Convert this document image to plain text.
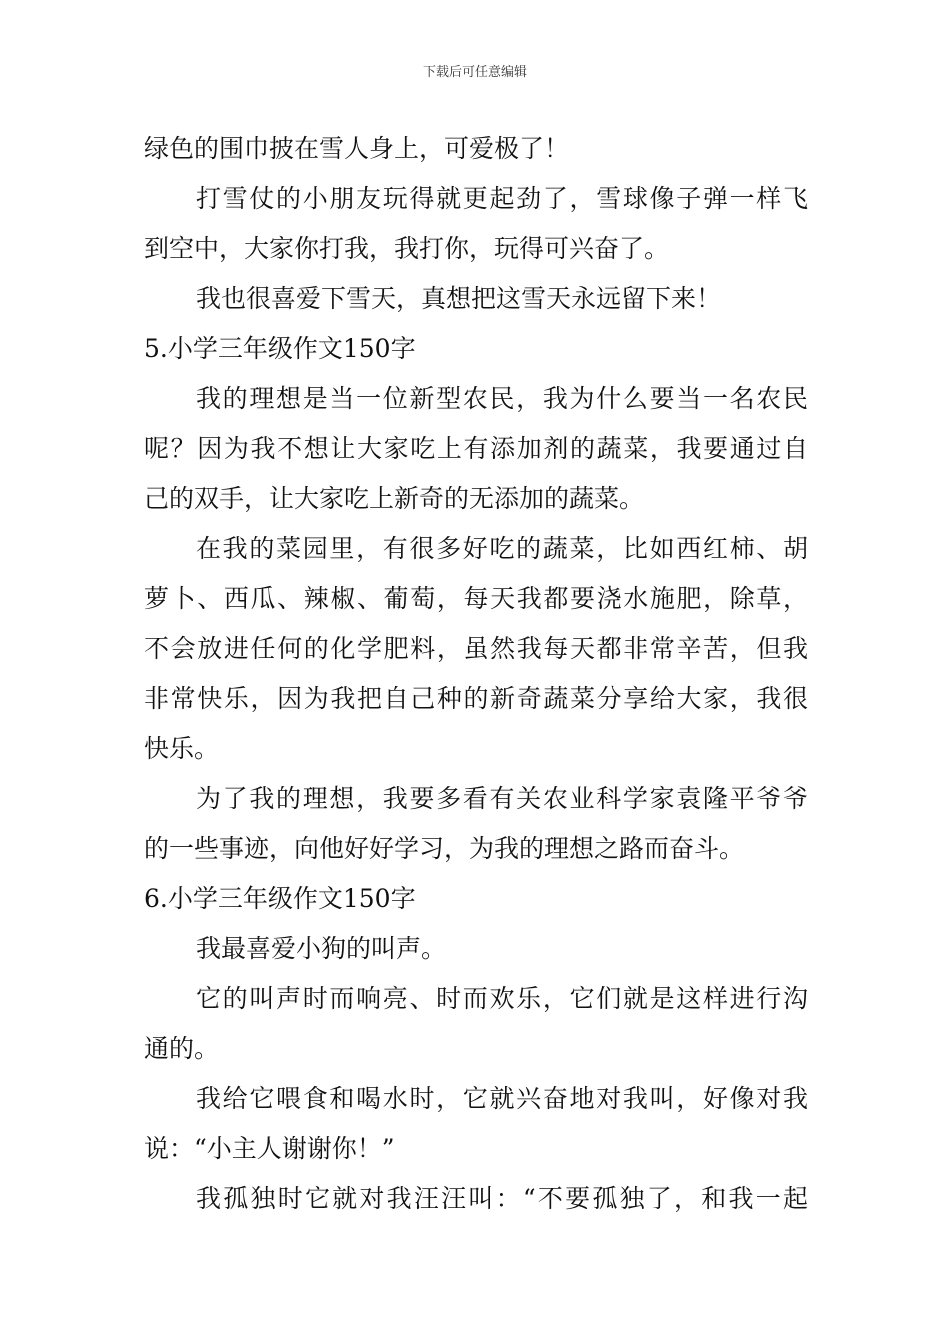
下载后可任意编辑
绿色的围巾披在雪人身上，可爱极了！
打雪仗的小朋友玩得就更起劲了，雪球像子弹一样飞
到空中，大家你打我，我打你，玩得可兴奋了。
我也很喜爱下雪天，真想把这雪天永远留下来！
5.小学三年级作文150字
我的理想是当一位新型农民，我为什么要当一名农民
呢？因为我不想让大家吃上有添加剂的蔬菜，我要通过自
己的双手，让大家吃上新奇的无添加的蔬菜。
在我的菜园里，有很多好吃的蔬菜，比如西红柿、胡
萝卜、西瓜、辣椒、葡萄，每天我都要浇水施肥，除草，
不会放进任何的化学肥料，虽然我每天都非常辛苦，但我
非常快乐，因为我把自己种的新奇蔬菜分享给大家，我很
快乐。
为了我的理想，我要多看有关农业科学家袁隆平爷爷
的一些事迹，向他好好学习，为我的理想之路而奋斗。
6.小学三年级作文150字
我最喜爱小狗的叫声。
它的叫声时而响亮、时而欢乐，它们就是这样进行沟
通的。
我给它喂食和喝水时，它就兴奋地对我叫，好像对我
说：“小主人谢谢你！”
我孤独时它就对我汪汪叫：“不要孤独了，和我一起
